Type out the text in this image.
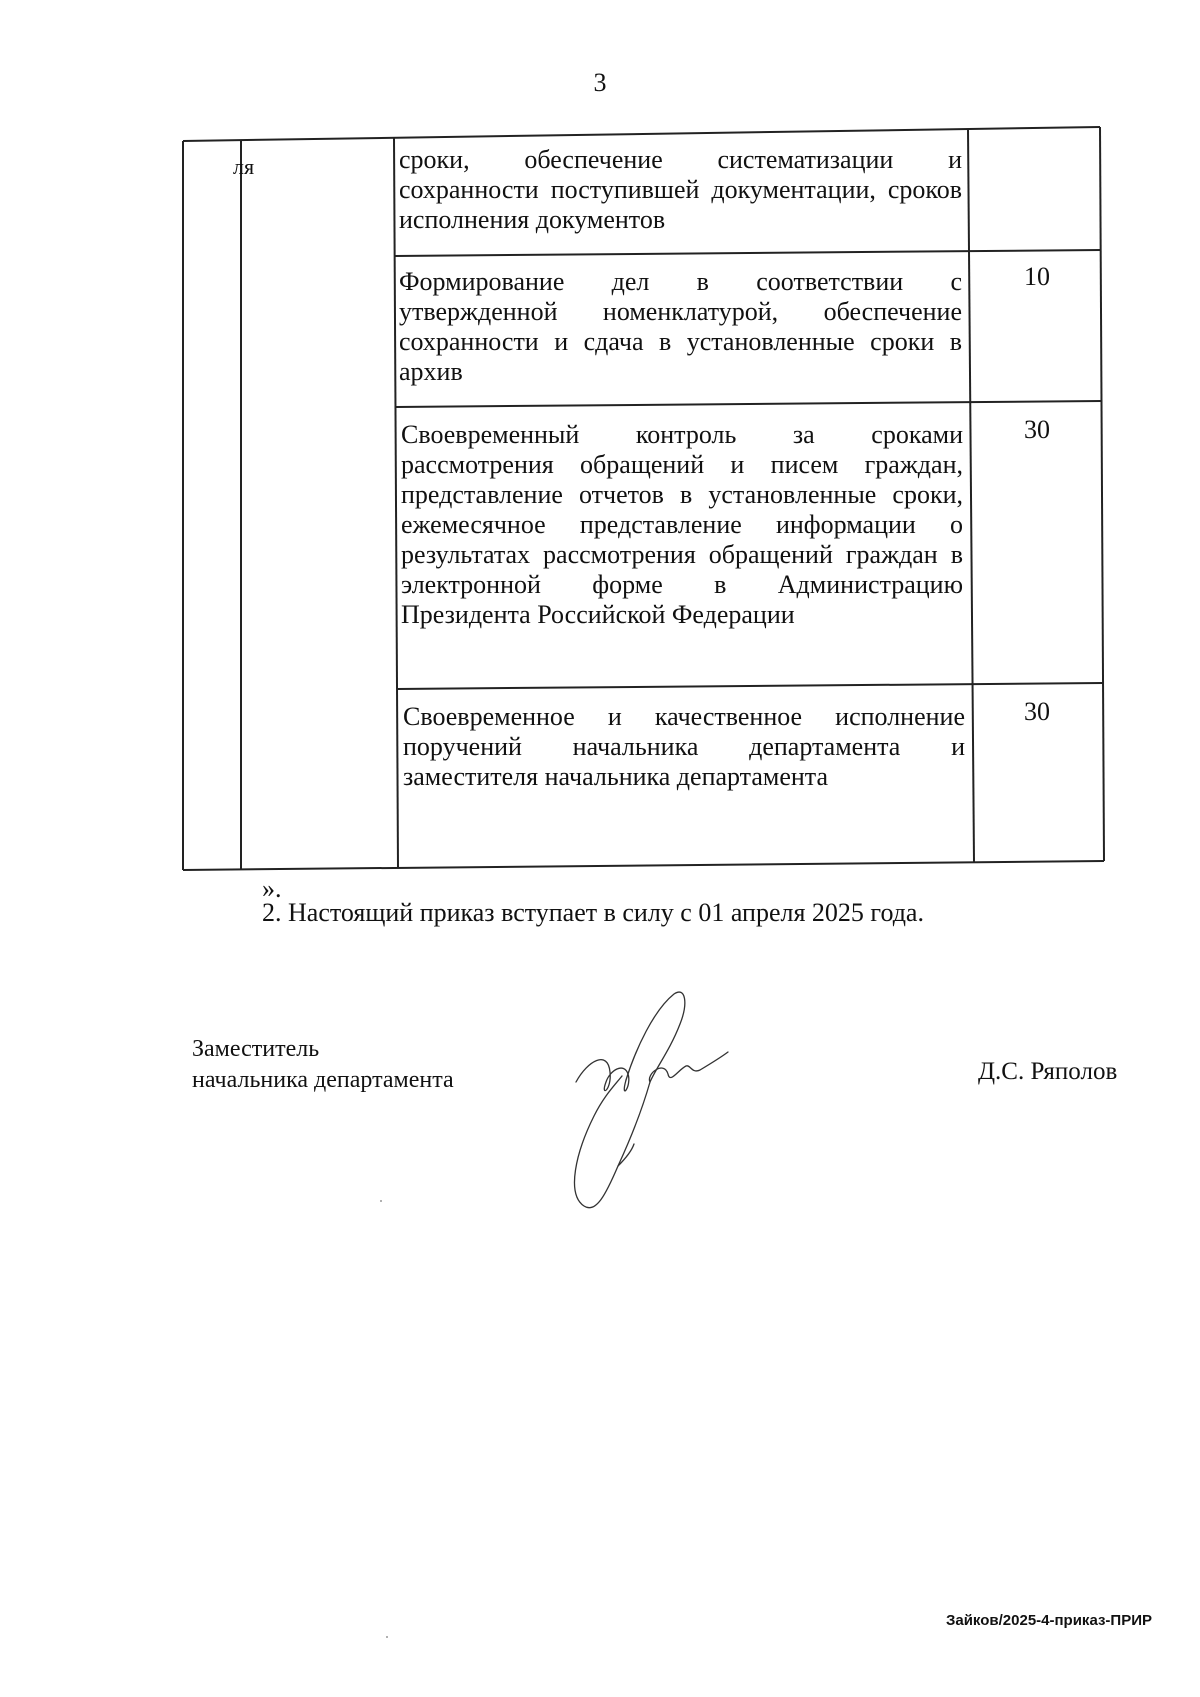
3
ля	сроки, обеспечение систематизации и сохранности поступившей документации, сроков исполнения документов
Формирование дел в соответствии с утвержденной номенклатурой, обеспечение сохранности и сдача в установленные сроки в архив
10
Своевременный контроль за сроками рассмотрения обращений и писем граждан, представление отчетов в установленные сроки, ежемесячное представление информации о результатах рассмотрения обращений граждан в электронной форме в Администрацию Президента Российской Федерации
30
Своевременное и качественное исполнение поручений начальника департамента и заместителя начальника департамента
30
».
2. Настоящий приказ вступает в силу с 01 апреля 2025 года.
Заместитель
начальника департамента	Д.С. Ряполов
Зайков/2025-4-приказ-ПРИР
